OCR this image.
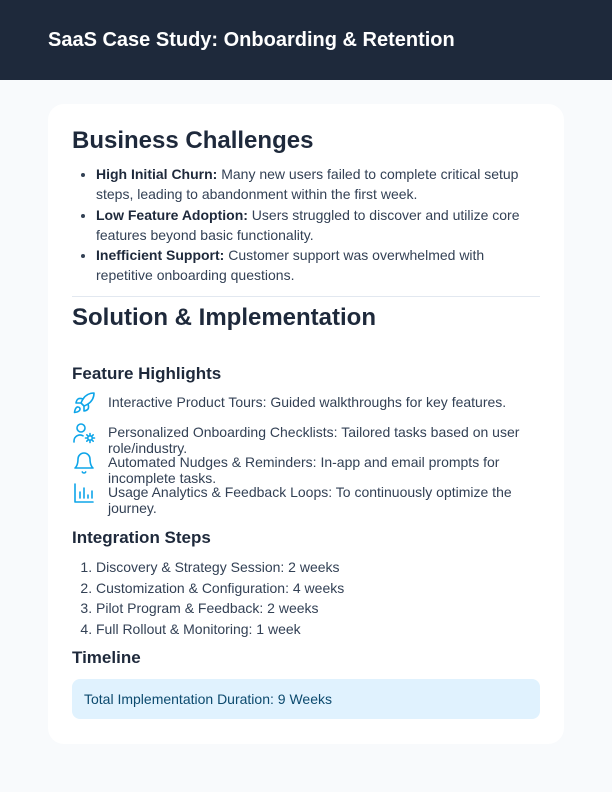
SaaS Case Study: Onboarding & Retention
Business Challenges
• High Initial Churn: Many new users failed to complete critical setup steps, leading to abandonment within the first week.
• Low Feature Adoption: Users struggled to discover and utilize core features beyond basic functionality.
• Inefficient Support: Customer support was overwhelmed with repetitive onboarding questions.
Solution & Implementation
Feature Highlights
Interactive Product Tours: Guided walkthroughs for key features.
Personalized Onboarding Checklists: Tailored tasks based on user role/industry.
Automated Nudges & Reminders: In-app and email prompts for incomplete tasks.
Usage Analytics & Feedback Loops: To continuously optimize the journey.
Integration Steps
1. Discovery & Strategy Session: 2 weeks
2. Customization & Configuration: 4 weeks
3. Pilot Program & Feedback: 2 weeks
4. Full Rollout & Monitoring: 1 week
Timeline
Total Implementation Duration: 9 Weeks
